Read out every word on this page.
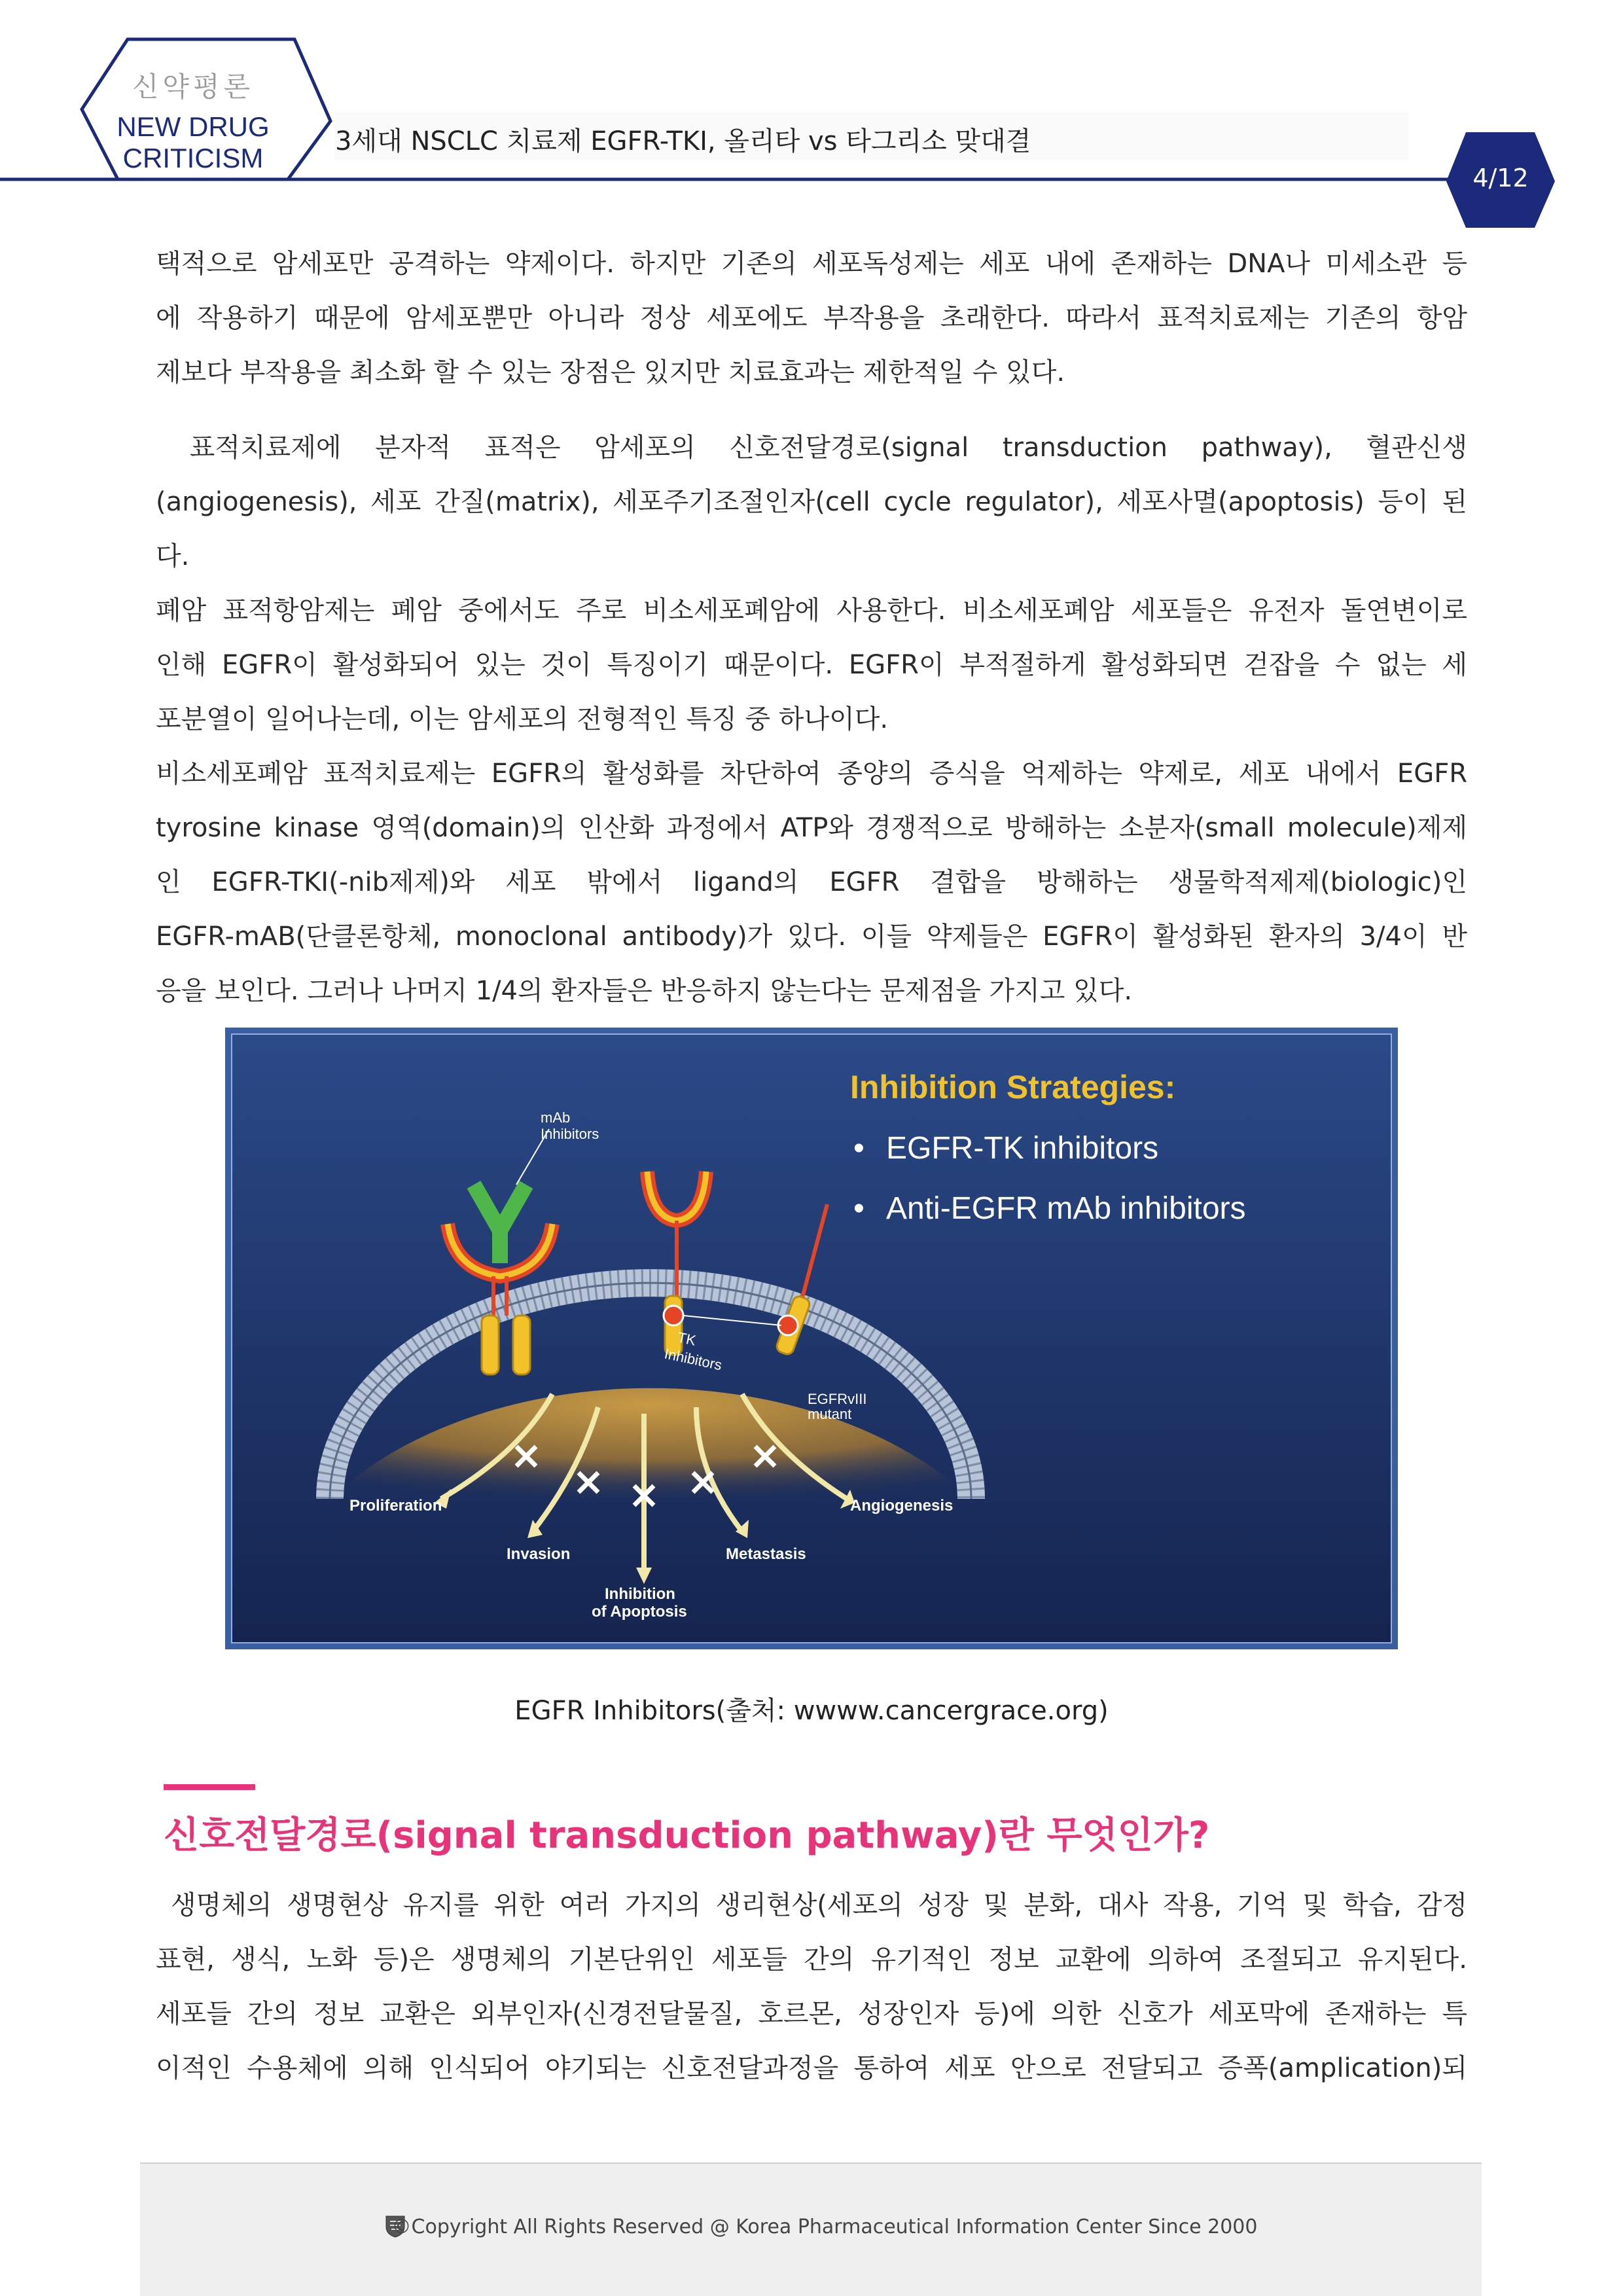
신약평론
NEW DRUG
CRITICISM
3세대 NSCLC 치료제 EGFR-TKI, 올리타 vs 타그리소 맞대결
4/12
택적으로 암세포만 공격하는 약제이다. 하지만 기존의 세포독성제는 세포 내에 존재하는 DNA나 미세소관 등
에 작용하기 때문에 암세포뿐만 아니라 정상 세포에도 부작용을 초래한다. 따라서 표적치료제는 기존의 항암
제보다 부작용을 최소화 할 수 있는 장점은 있지만 치료효과는 제한적일 수 있다.
표적치료제에 분자적 표적은 암세포의 신호전달경로(signal transduction pathway), 혈관신생
(angiogenesis), 세포 간질(matrix), 세포주기조절인자(cell cycle regulator), 세포사멸(apoptosis) 등이 된
다.
폐암 표적항암제는 폐암 중에서도 주로 비소세포폐암에 사용한다. 비소세포폐암 세포들은 유전자 돌연변이로
인해 EGFR이 활성화되어 있는 것이 특징이기 때문이다. EGFR이 부적절하게 활성화되면 걷잡을 수 없는 세
포분열이 일어나는데, 이는 암세포의 전형적인 특징 중 하나이다.
비소세포폐암 표적치료제는 EGFR의 활성화를 차단하여 종양의 증식을 억제하는 약제로, 세포 내에서 EGFR
tyrosine kinase 영역(domain)의 인산화 과정에서 ATP와 경쟁적으로 방해하는 소분자(small molecule)제제
인 EGFR-TKI(-nib제제)와 세포 밖에서 ligand의 EGFR 결합을 방해하는 생물학적제제(biologic)인
EGFR-mAB(단클론항체, monoclonal antibody)가 있다. 이들 약제들은 EGFR이 활성화된 환자의 3/4이 반
응을 보인다. 그러나 나머지 1/4의 환자들은 반응하지 않는다는 문제점을 가지고 있다.
mAb
Inhibitors
TK
Inhibitors
EGFRvIII
mutant
Proliferation
Invasion
Inhibition
of Apoptosis
Metastasis
Angiogenesis
Inhibition Strategies:
• EGFR-TK inhibitors
• Anti-EGFR mAb inhibitors
EGFR Inhibitors(출처: wwww.cancergrace.org)
신호전달경로(signal transduction pathway)란 무엇인가?
생명체의 생명현상 유지를 위한 여러 가지의 생리현상(세포의 성장 및 분화, 대사 작용, 기억 및 학습, 감정
표현, 생식, 노화 등)은 생명체의 기본단위인 세포들 간의 유기적인 정보 교환에 의하여 조절되고 유지된다.
세포들 간의 정보 교환은 외부인자(신경전달물질, 호르몬, 성장인자 등)에 의한 신호가 세포막에 존재하는 특
이적인 수용체에 의해 인식되어 야기되는 신호전달과정을 통하여 세포 안으로 전달되고 증폭(amplication)되
©Copyright All Rights Reserved @ Korea Pharmaceutical Information Center Since 2000
